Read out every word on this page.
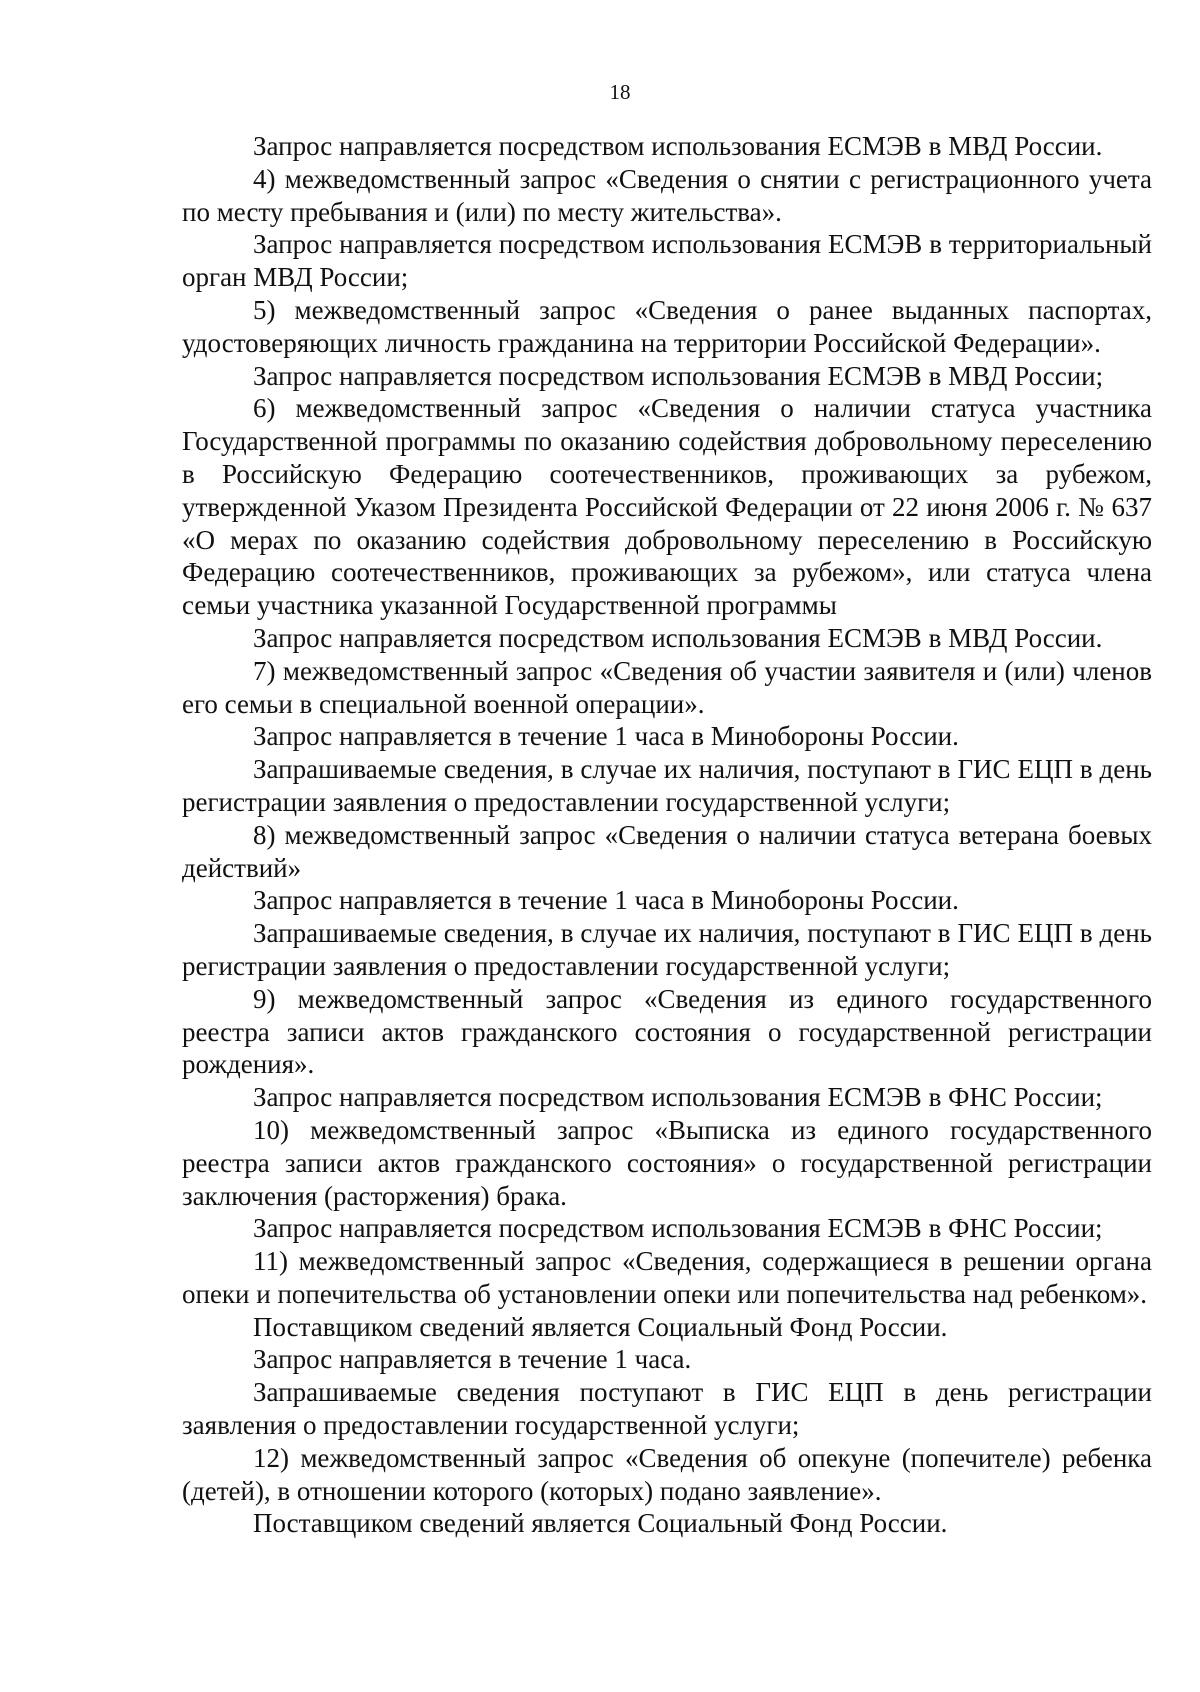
18

Запрос направляется посредством использования ЕСМЭВ в МВД России.

4) межведомственный запрос «Сведения о снятии с регистрационного учета по месту пребывания и (или) по месту жительства».

Запрос направляется посредством использования ЕСМЭВ в территориальный орган МВД России;

5) межведомственный запрос «Сведения о ранее выданных паспортах, удостоверяющих личность гражданина на территории Российской Федерации».

Запрос направляется посредством использования ЕСМЭВ в МВД России;

6) межведомственный запрос «Сведения о наличии статуса участника Государственной программы по оказанию содействия добровольному переселению в Российскую Федерацию соотечественников, проживающих за рубежом, утвержденной Указом Президента Российской Федерации от 22 июня 2006 г. № 637 «О мерах по оказанию содействия добровольному переселению в Российскую Федерацию соотечественников, проживающих за рубежом», или статуса члена семьи участника указанной Государственной программы

Запрос направляется посредством использования ЕСМЭВ в МВД России.

7) межведомственный запрос «Сведения об участии заявителя и (или) членов его семьи в специальной военной операции».

Запрос направляется в течение 1 часа в Минобороны России.

Запрашиваемые сведения, в случае их наличия, поступают в ГИС ЕЦП в день регистрации заявления о предоставлении государственной услуги;

8) межведомственный запрос «Сведения о наличии статуса ветерана боевых действий»

Запрос направляется в течение 1 часа в Минобороны России.

Запрашиваемые сведения, в случае их наличия, поступают в ГИС ЕЦП в день регистрации заявления о предоставлении государственной услуги;

9) межведомственный запрос «Сведения из единого государственного реестра записи актов гражданского состояния о государственной регистрации рождения».

Запрос направляется посредством использования ЕСМЭВ в ФНС России;

10) межведомственный запрос «Выписка из единого государственного реестра записи актов гражданского состояния» о государственной регистрации заключения (расторжения) брака.

Запрос направляется посредством использования ЕСМЭВ в ФНС России;

11) межведомственный запрос «Сведения, содержащиеся в решении органа опеки и попечительства об установлении опеки или попечительства над ребенком».

Поставщиком сведений является Социальный Фонд России.

Запрос направляется в течение 1 часа.

Запрашиваемые сведения поступают в ГИС ЕЦП в день регистрации заявления о предоставлении государственной услуги;

12) межведомственный запрос «Сведения об опекуне (попечителе) ребенка (детей), в отношении которого (которых) подано заявление».

Поставщиком сведений является Социальный Фонд России.
